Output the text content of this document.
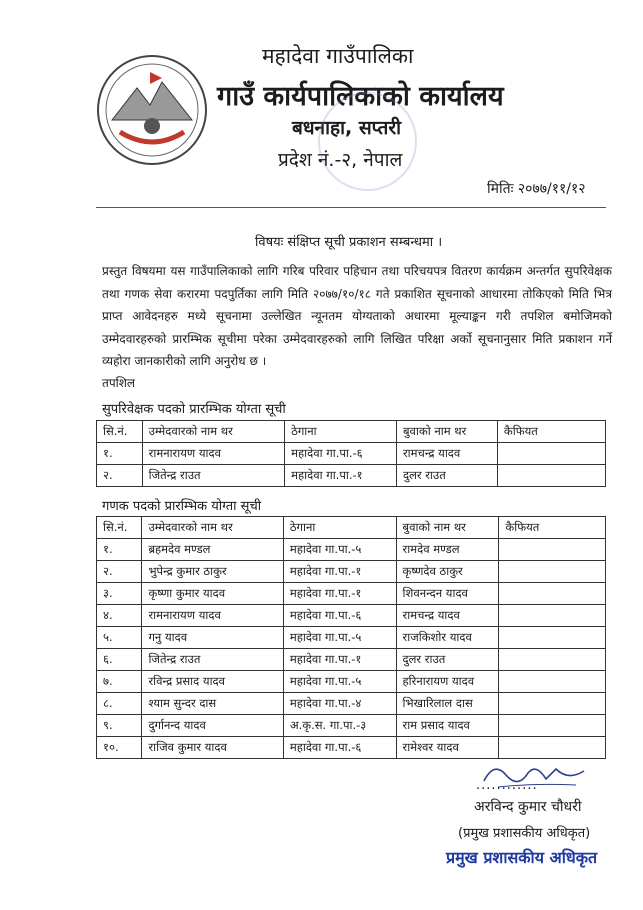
महादेवा गाउँपालिका
गाउँ कार्यपालिकाको कार्यालय
बधनाहा, सप्तरी
प्रदेश नं.-२, नेपाल
मितिः २०७७/११/१२
विषयः संक्षिप्त सूची प्रकाशन सम्बन्धमा ।
प्रस्तुत विषयमा यस गाउँपालिकाको लागि गरिब परिवार पहिचान तथा परिचयपत्र वितरण कार्यक्रम अन्तर्गत सुपरिवेक्षक तथा गणक सेवा करारमा पदपुर्तिका लागि मिति २०७७/१०/१८ गते प्रकाशित सूचनाको आधारमा तोकिएको मिति भित्र प्राप्त आवेदनहरु मध्ये सूचनामा उल्लेखित न्यूनतम योग्यताको अधारमा मूल्याङ्कन गरी तपशिल बमोजिमको उम्मेदवारहरुको प्रारम्भिक सूचीमा परेका उम्मेदवारहरुको लागि लिखित परिक्षा अर्को सूचनानुसार मिति प्रकाशन गर्ने व्यहोरा जानकारीको लागि अनुरोध छ ।
तपशिल
सुपरिवेक्षक पदको प्रारम्भिक योग्ता सूची
सि.नं.	उम्मेदवारको नाम थर	ठेगाना	बुवाको नाम थर	कैफियत
१.	रामनारायण यादव	महादेवा गा.पा.-६	रामचन्द्र यादव	
२.	जितेन्द्र राउत	महादेवा गा.पा.-१	दुलर राउत	
गणक पदको प्रारम्भिक योग्ता सूची
सि.नं.	उम्मेदवारको नाम थर	ठेगाना	बुवाको नाम थर	कैफियत
१.	ब्रहमदेव मण्डल	महादेवा गा.पा.-५	रामदेव मण्डल	
२.	भुपेन्द्र कुमार ठाकुर	महादेवा गा.पा.-१	कृष्णदेव ठाकुर	
३.	कृष्णा कुमार यादव	महादेवा गा.पा.-१	शिवनन्दन यादव	
४.	रामनारायण यादव	महादेवा गा.पा.-६	रामचन्द्र यादव	
५.	गनु यादव	महादेवा गा.पा.-५	राजकिशोर यादव	
६.	जितेन्द्र राउत	महादेवा गा.पा.-१	दुलर राउत	
७.	रविन्द्र प्रसाद यादव	महादेवा गा.पा.-५	हरिनारायण यादव	
८.	श्याम सुन्दर दास	महादेवा गा.पा.-४	भिखारिलाल दास	
९.	दुर्गानन्द यादव	अ.कृ.स. गा.पा.-३	राम प्रसाद यादव	
१०.	राजिव कुमार यादव	महादेवा गा.पा.-६	रामेश्वर यादव	
............
अरविन्द कुमार चौधरी
(प्रमुख प्रशासकीय अधिकृत)
प्रमुख प्रशासकीय अधिकृत
